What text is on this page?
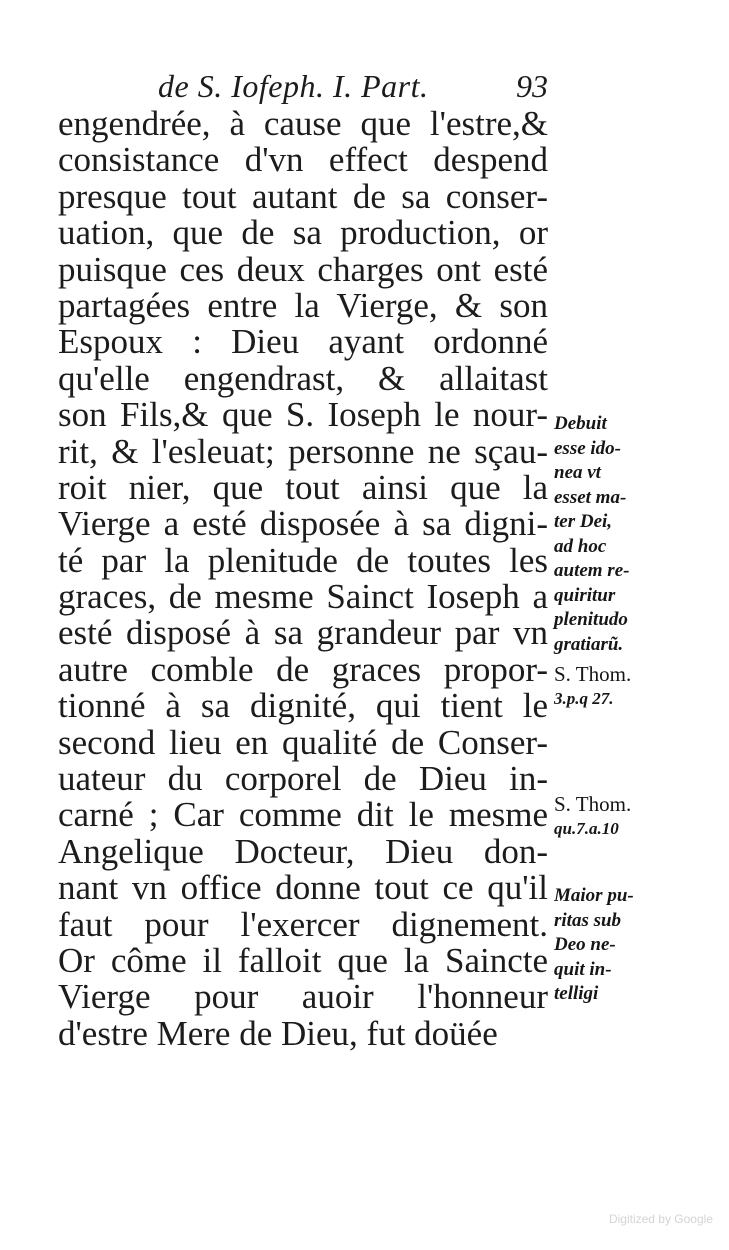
de S. Iofeph. I. Part.	93
engendrée, à cause que l'estre,&
consistance d'vn effect despend
presque tout autant de sa conser-
uation, que de sa production, or
puisque ces deux charges ont esté
partagées entre la Vierge, & son
Espoux : Dieu ayant ordonné
qu'elle engendrast, & allaitast
son Fils,& que S. Ioseph le nour-
rit, & l'esleuat; personne ne sçau-
roit nier, que tout ainsi que la
Vierge a esté disposée à sa digni-
té par la plenitude de toutes les
graces, de mesme Sainct Ioseph a
esté disposé à sa grandeur par vn
autre comble de graces propor-
tionné à sa dignité, qui tient le
second lieu en qualité de Conser-
uateur du corporel de Dieu in-
carné ; Car comme dit le mesme
Angelique Docteur, Dieu don-
nant vn office donne tout ce qu'il
faut pour l'exercer dignement.
Or côme il falloit que la Saincte
Vierge pour auoir l'honneur
d'estre Mere de Dieu, fut doüée
Debuit
esse ido-
nea vt
esset ma-
ter Dei,
ad hoc
autem re-
quiritur
plenitudo
gratiarũ.
S. Thom.
3.p.q 27.
S. Thom.
qu.7.a.10
Maior pu-
ritas sub
Deo ne-
quit in-
telligi
Digitized by Google
